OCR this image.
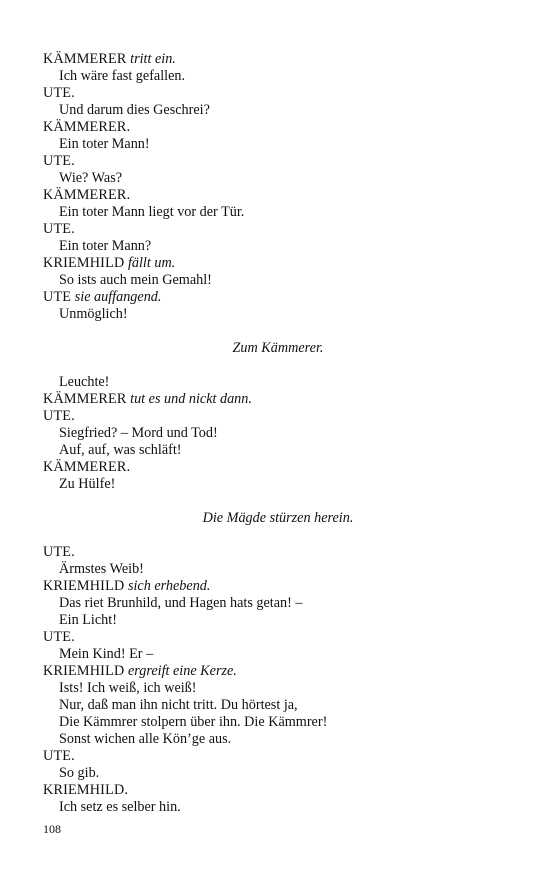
KÄMMERER tritt ein.
Ich wäre fast gefallen.
UTE.
Und darum dies Geschrei?
KÄMMERER.
Ein toter Mann!
UTE.
Wie? Was?
KÄMMERER.
Ein toter Mann liegt vor der Tür.
UTE.
Ein toter Mann?
KRIEMHILD fällt um.
So ists auch mein Gemahl!
UTE sie auffangend.
Unmöglich!
Zum Kämmerer.
Leuchte!
KÄMMERER tut es und nickt dann.
UTE.
Siegfried? – Mord und Tod!
Auf, auf, was schläft!
KÄMMERER.
Zu Hülfe!
Die Mägde stürzen herein.
UTE.
Ärmstes Weib!
KRIEMHILD sich erhebend.
Das riet Brunhild, und Hagen hats getan! –
Ein Licht!
UTE.
Mein Kind! Er –
KRIEMHILD ergreift eine Kerze.
Ists! Ich weiß, ich weiß!
Nur, daß man ihn nicht tritt. Du hörtest ja,
Die Kämmrer stolpern über ihn. Die Kämmrer!
Sonst wichen alle Kön’ge aus.
UTE.
So gib.
KRIEMHILD.
Ich setz es selber hin.
108
